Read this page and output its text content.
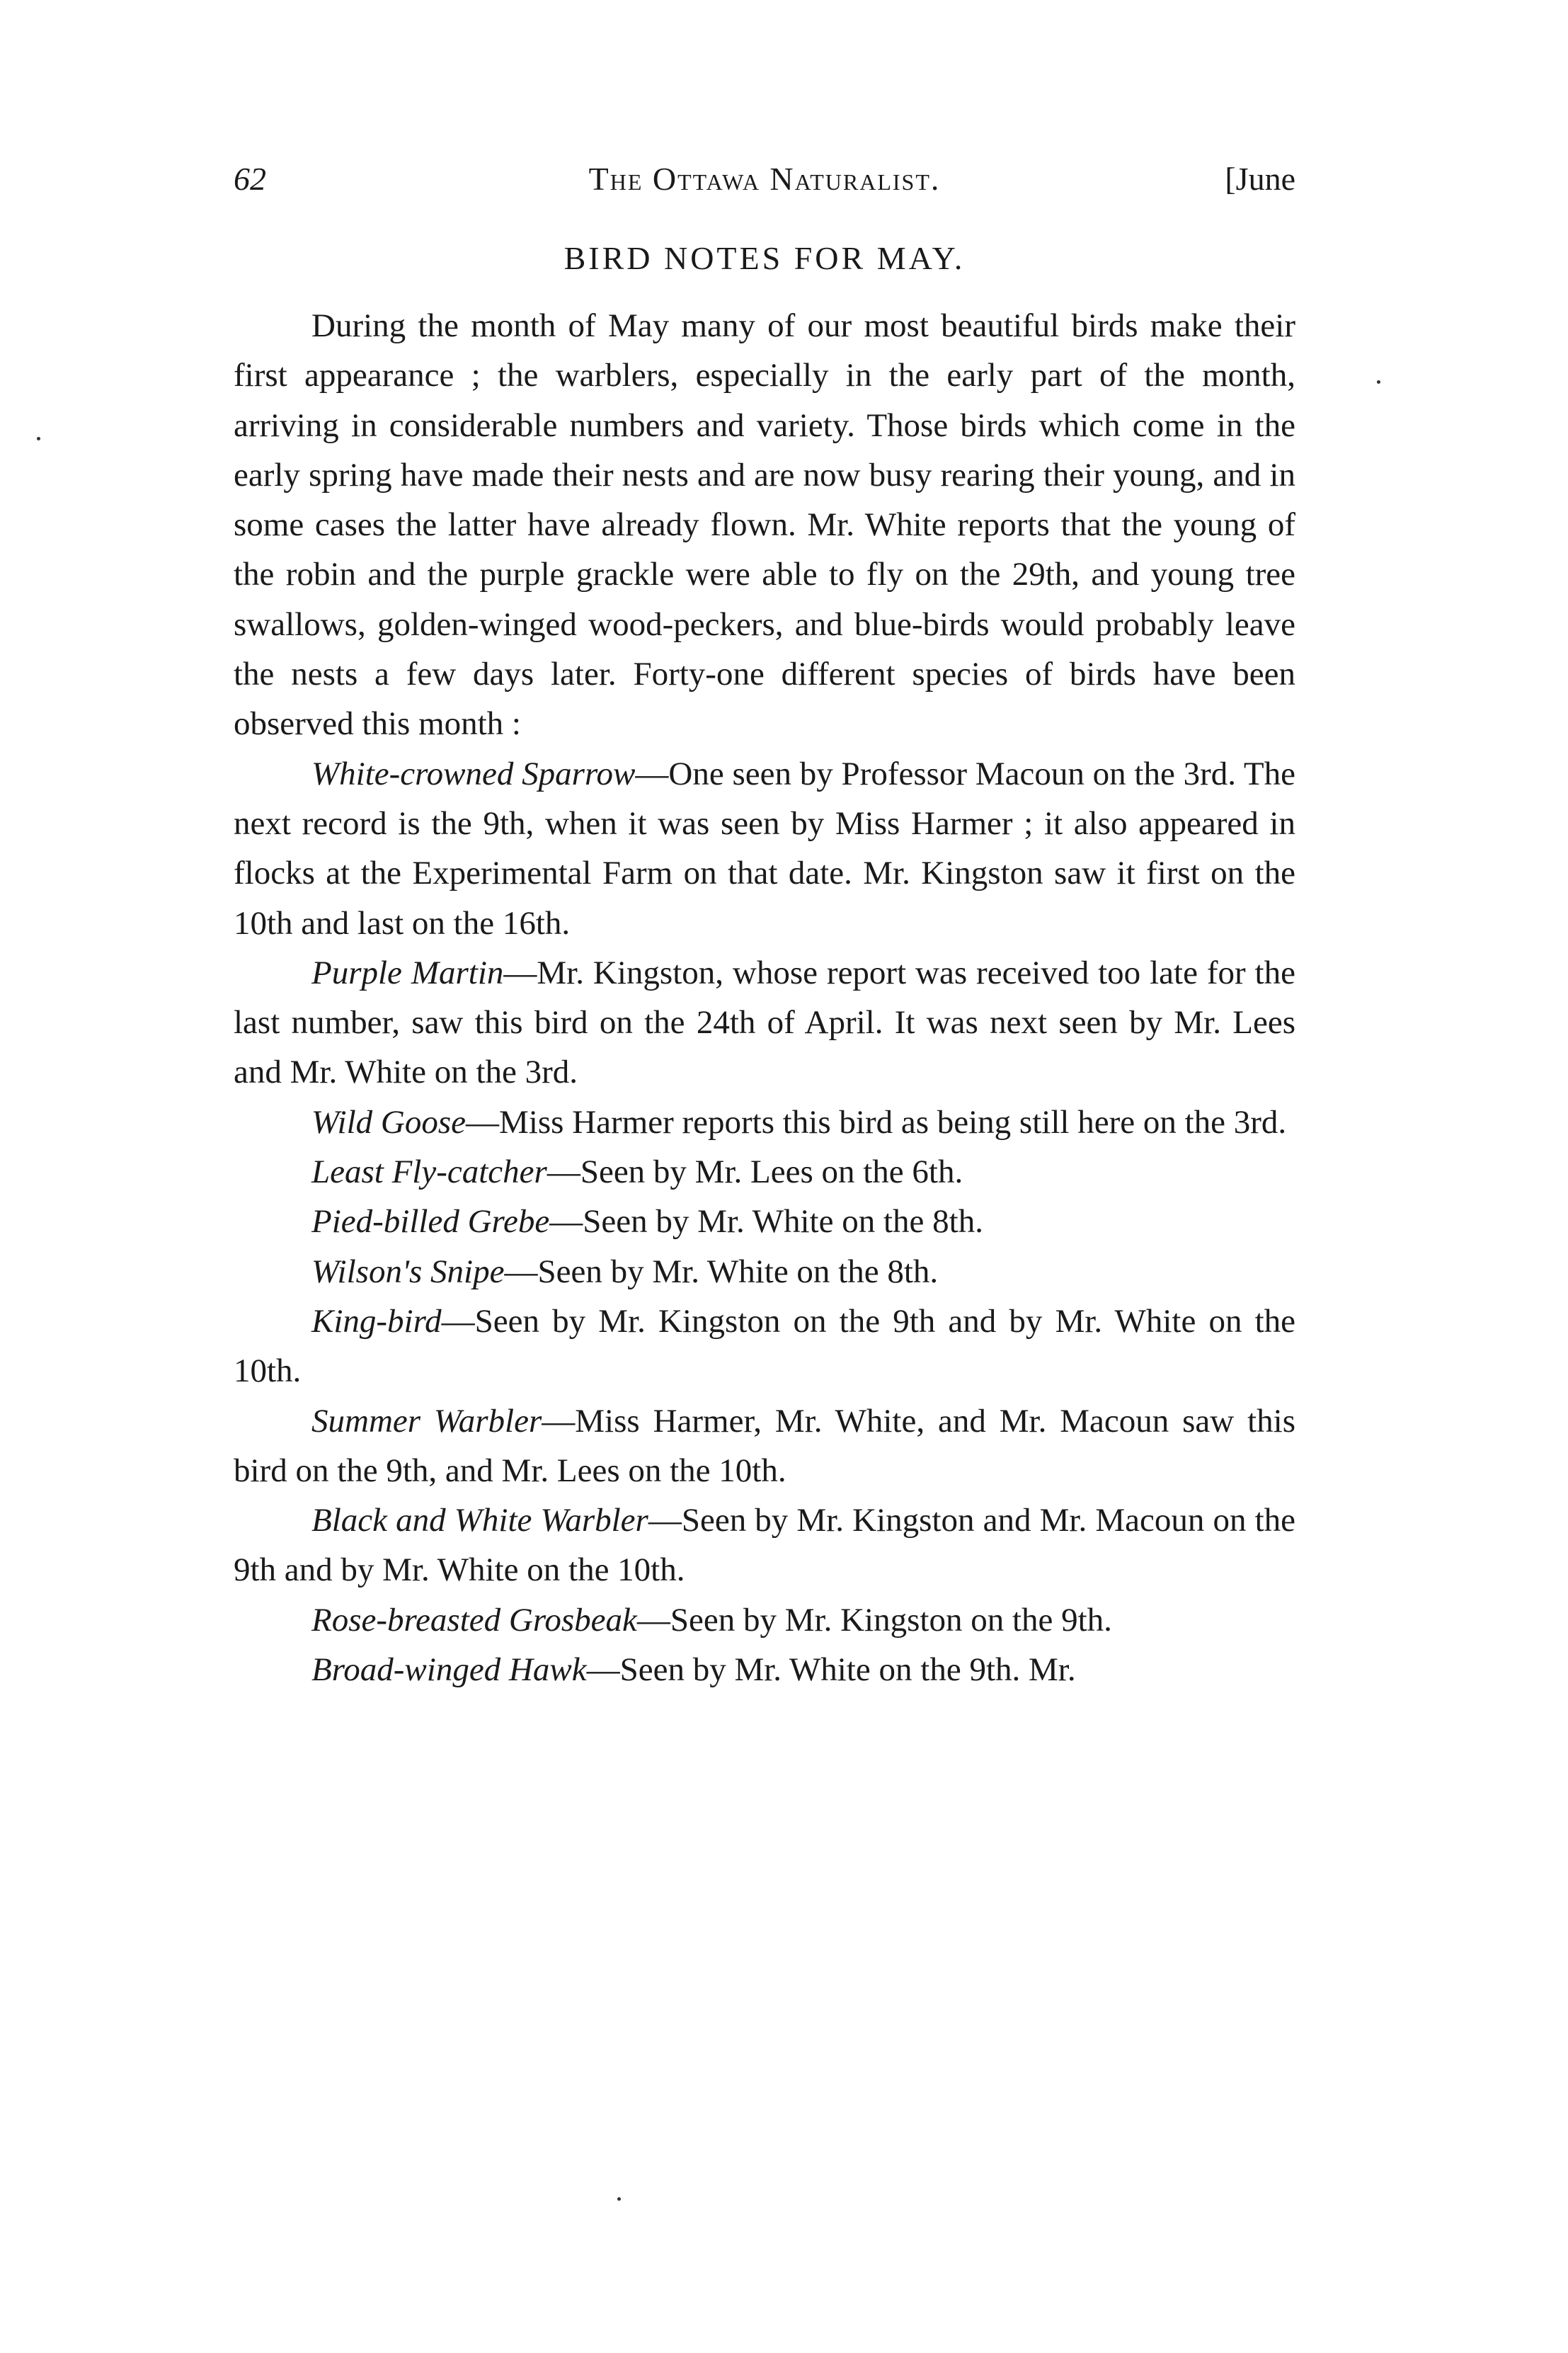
62	The Ottawa Naturalist.	[June
BIRD NOTES FOR MAY.

During the month of May many of our most beautiful birds make their first appearance ; the warblers, especially in the early part of the month, arriving in considerable numbers and variety. Those birds which come in the early spring have made their nests and are now busy rearing their young, and in some cases the latter have already flown. Mr. White reports that the young of the robin and the purple grackle were able to fly on the 29th, and young tree swallows, golden-winged wood-peckers, and blue-birds would probably leave the nests a few days later. Forty-one different species of birds have been observed this month :

White-crowned Sparrow—One seen by Professor Macoun on the 3rd. The next record is the 9th, when it was seen by Miss Harmer ; it also appeared in flocks at the Experimental Farm on that date. Mr. Kingston saw it first on the 10th and last on the 16th.

Purple Martin—Mr. Kingston, whose report was received too late for the last number, saw this bird on the 24th of April. It was next seen by Mr. Lees and Mr. White on the 3rd.

Wild Goose—Miss Harmer reports this bird as being still here on the 3rd.

Least Fly-catcher—Seen by Mr. Lees on the 6th.

Pied-billed Grebe—Seen by Mr. White on the 8th.

Wilson's Snipe—Seen by Mr. White on the 8th.

King-bird—Seen by Mr. Kingston on the 9th and by Mr. White on the 10th.

Summer Warbler—Miss Harmer, Mr. White, and Mr. Macoun saw this bird on the 9th, and Mr. Lees on the 10th.

Black and White Warbler—Seen by Mr. Kingston and Mr. Macoun on the 9th and by Mr. White on the 10th.

Rose-breasted Grosbeak—Seen by Mr. Kingston on the 9th.

Broad-winged Hawk—Seen by Mr. White on the 9th. Mr.
